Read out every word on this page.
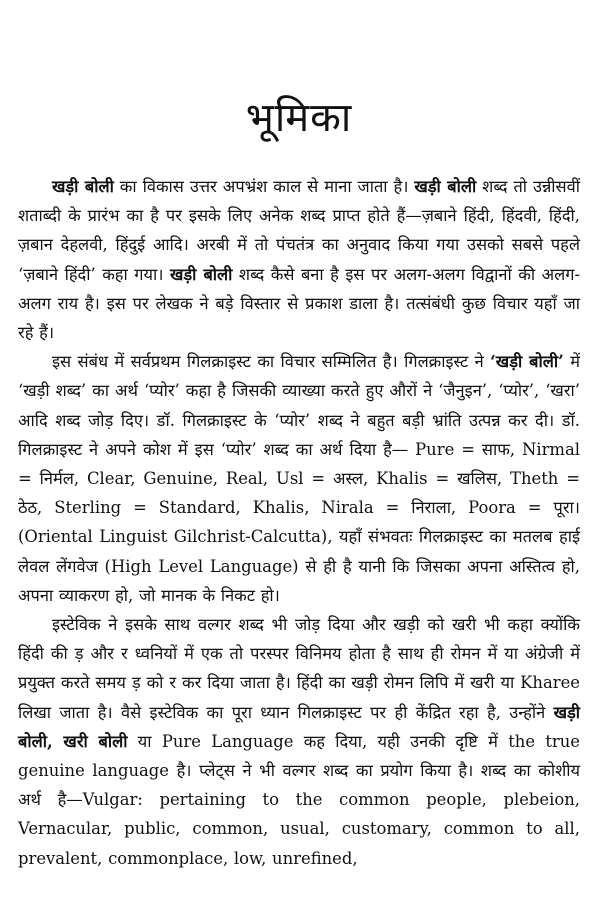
भूमिका

खड़ी बोली का विकास उत्तर अपभ्रंश काल से माना जाता है। खड़ी बोली शब्द तो उन्नीसवीं शताब्दी के प्रारंभ का है पर इसके लिए अनेक शब्द प्राप्त होते हैं—ज़बाने हिंदी, हिंदवी, हिंदी, ज़बान देहलवी, हिंदुई आदि। अरबी में तो पंचतंत्र का अनुवाद किया गया उसको सबसे पहले ‘ज़बाने हिंदी’ कहा गया। खड़ी बोली शब्द कैसे बना है इस पर अलग-अलग विद्वानों की अलग-अलग राय है। इस पर लेखक ने बड़े विस्तार से प्रकाश डाला है। तत्संबंधी कुछ विचार यहाँ जा रहे हैं।

इस संबंध में सर्वप्रथम गिलक्राइस्ट का विचार सम्मिलित है। गिलक्राइस्ट ने ‘खड़ी बोली’ में ‘खड़ी शब्द’ का अर्थ ‘प्योर’ कहा है जिसकी व्याख्या करते हुए औरों ने ‘जैनुइन’, ‘प्योर’, ‘खरा’ आदि शब्द जोड़ दिए। डॉ. गिलक्राइस्ट के ‘प्योर’ शब्द ने बहुत बड़ी भ्रांति उत्पन्न कर दी। डॉ. गिलक्राइस्ट ने अपने कोश में इस ‘प्योर’ शब्द का अर्थ दिया है— Pure = साफ, Nirmal = निर्मल, Clear, Genuine, Real, Usl = अस्ल, Khalis = खलिस, Theth = ठेठ, Sterling = Standard, Khalis, Nirala = निराला, Poora = पूरा। (Oriental Linguist Gilchrist-Calcutta), यहाँ संभवतः गिलक्राइस्ट का मतलब हाई लेवल लेंगवेज (High Level Language) से ही है यानी कि जिसका अपना अस्तित्व हो, अपना व्याकरण हो, जो मानक के निकट हो।

इस्टेविक ने इसके साथ वल्गर शब्द भी जोड़ दिया और खड़ी को खरी भी कहा क्योंकि हिंदी की ड़ और र ध्वनियों में एक तो परस्पर विनिमय होता है साथ ही रोमन में या अंग्रेजी में प्रयुक्त करते समय ड़ को र कर दिया जाता है। हिंदी का खड़ी रोमन लिपि में खरी या Kharee लिखा जाता है। वैसे इस्टेविक का पूरा ध्यान गिलक्राइस्ट पर ही केंद्रित रहा है, उन्होंने खड़ी बोली, खरी बोली या Pure Language कह दिया, यही उनकी दृष्टि में the true genuine language है। प्लेट्स ने भी वल्गर शब्द का प्रयोग किया है। शब्द का कोशीय अर्थ है—Vulgar: pertaining to the common people, plebeion, Vernacular, public, common, usual, customary, common to all, prevalent, commonplace, low, unrefined,
